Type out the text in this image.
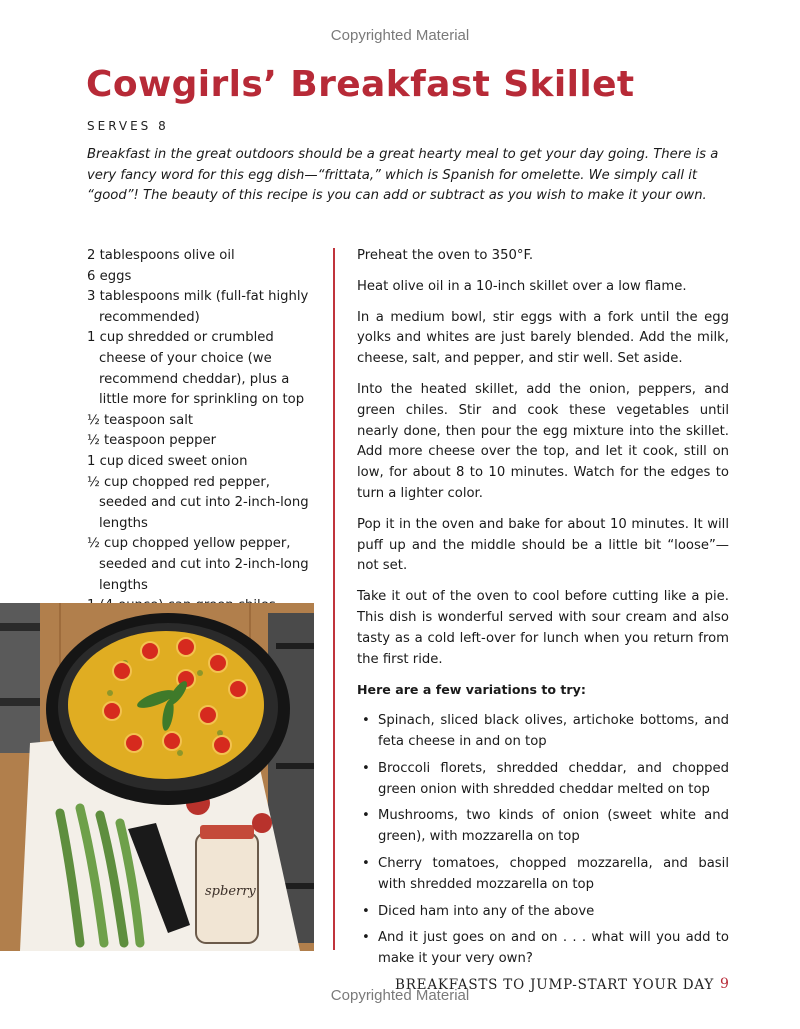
Copyrighted Material
Cowgirls’ Breakfast Skillet
SERVES 8

Breakfast in the great outdoors should be a great hearty meal to get your day going. There is a very fancy word for this egg dish—“frittata,” which is Spanish for omelette. We simply call it “good”! The beauty of this recipe is you can add or subtract as you wish to make it your own.

2 tablespoons olive oil
6 eggs
3 tablespoons milk (full-fat highly recommended)
1 cup shredded or crumbled cheese of your choice (we recommend cheddar), plus a little more for sprinkling on top
½ teaspoon salt
½ teaspoon pepper
1 cup diced sweet onion
½ cup chopped red pepper, seeded and cut into 2-inch-long lengths
½ cup chopped yellow pepper, seeded and cut into 2-inch-long lengths

Preheat the oven to 350°F.

Heat olive oil in a 10-inch skillet over a low flame.

In a medium bowl, stir eggs with a fork until the egg yolks and whites are just barely blended. Add the milk, cheese, salt, and pepper, and stir well. Set aside.

Into the heated skillet, add the onion, peppers, and green chiles. Stir and cook these vegetables until nearly done, then pour the egg mixture into the skillet. Add more cheese over the top, and let it cook, still on low, for about 8 to 10 minutes. Watch for the edges to turn a lighter color.

Pop it in the oven and bake for about 10 minutes. It will puff up and the middle should be a little bit “loose”—not set.

Take it out of the oven to cool before cutting like a pie. This dish is wonderful served with sour cream and also tasty as a cold left-over for lunch when you return from the first ride.

Here are a few variations to try:

• Spinach, sliced black olives, artichoke bottoms, and feta cheese in and on top
• Broccoli florets, shredded cheddar, and chopped green onion with shredded cheddar melted on top
• Mushrooms, two kinds of onion (sweet white and green), with mozzarella on top
• Cherry tomatoes, chopped mozzarella, and basil with shredded mozzarella on top
• Diced ham into any of the above
• And it just goes on and on . . . what will you add to make it your very own?
spberry
BREAKFASTS TO JUMP-START YOUR DAY 9
Copyrighted Material
